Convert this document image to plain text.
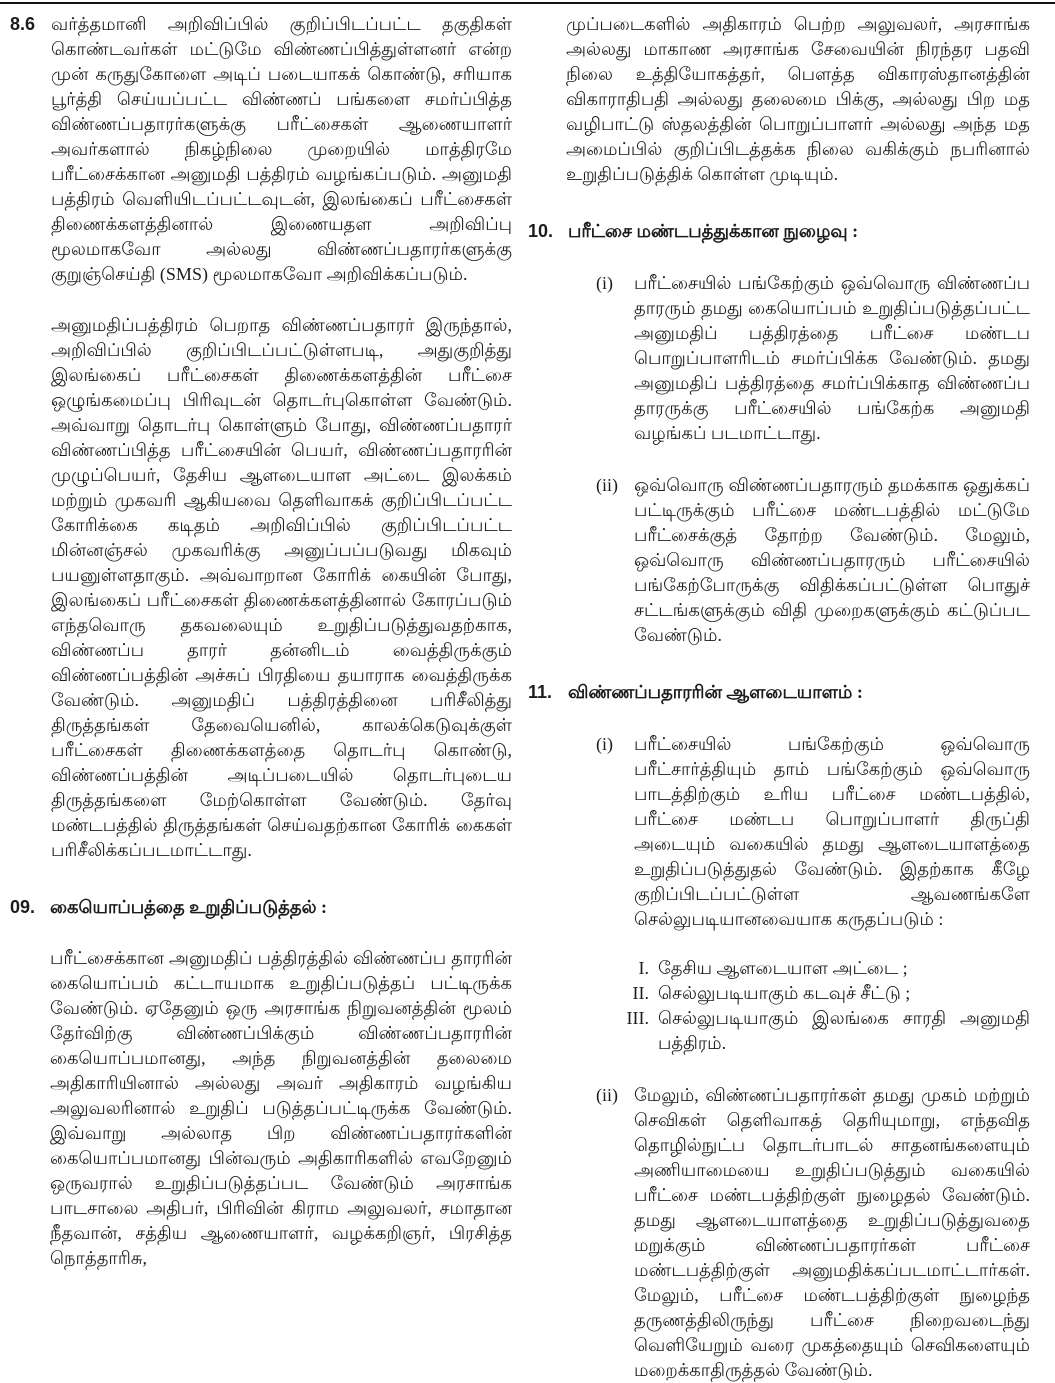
8.6 வர்த்தமானி அறிவிப்பில் குறிப்பிடப்பட்ட தகுதிகள் கொண்டவர்கள் மட்டுமே விண்ணப்பித்துள்ளனர் என்ற முன் கருதுகோளை அடிப் படையாகக் கொண்டு, சரியாக பூர்த்தி செய்யப்பட்ட விண்ணப் பங்களை சமர்ப்பித்த விண்ணப்பதாரர்களுக்கு பரீட்சைகள் ஆணையாளர் அவர்களால் நிகழ்நிலை முறையில் மாத்திரமே பரீட்சைக்கான அனுமதி பத்திரம் வழங்கப்படும். அனுமதி பத்திரம் வெளியிடப்பட்டவுடன், இலங்கைப் பரீட்சைகள் திணைக்களத்தினால் இணையதள அறிவிப்பு மூலமாகவோ அல்லது விண்ணப்பதாரர்களுக்கு குறுஞ்செய்தி (SMS) மூலமாகவோ அறிவிக்கப்படும்.
அனுமதிப்பத்திரம் பெறாத விண்ணப்பதாரர் இருந்தால், அறிவிப்பில் குறிப்பிடப்பட்டுள்ளபடி, அதுகுறித்து இலங்கைப் பரீட்சைகள் திணைக்களத்தின் பரீட்சை ஒழுங்கமைப்பு பிரிவுடன் தொடர்புகொள்ள வேண்டும். அவ்வாறு தொடர்பு கொள்ளும் போது, விண்ணப்பதாரர் விண்ணப்பித்த பரீட்சையின் பெயர், விண்ணப்பதாரரின் முழுப்பெயர், தேசிய ஆளடையாள அட்டை இலக்கம் மற்றும் முகவரி ஆகியவை தெளிவாகக் குறிப்பிடப்பட்ட கோரிக்கை கடிதம் அறிவிப்பில் குறிப்பிடப்பட்ட மின்னஞ்சல் முகவரிக்கு அனுப்பப்படுவது மிகவும் பயனுள்ளதாகும். அவ்வாறான கோரிக் கையின் போது, இலங்கைப் பரீட்சைகள் திணைக்களத்தினால் கோரப்படும் எந்தவொரு தகவலையும் உறுதிப்படுத்துவதற்காக, விண்ணப்ப தாரர் தன்னிடம் வைத்திருக்கும் விண்ணப்பத்தின் அச்சுப் பிரதியை தயாராக வைத்திருக்க வேண்டும். அனுமதிப் பத்திரத்தினை பரிசீலித்து திருத்தங்கள் தேவையெனில், காலக்கெடுவுக்குள் பரீட்சைகள் திணைக்களத்தை தொடர்பு கொண்டு, விண்ணப்பத்தின் அடிப்படையில் தொடர்புடைய திருத்தங்களை மேற்கொள்ள வேண்டும். தேர்வு மண்டபத்தில் திருத்தங்கள் செய்வதற்கான கோரிக் கைகள் பரிசீலிக்கப்படமாட்டாது.
09. கையொப்பத்தை உறுதிப்படுத்தல் :
பரீட்சைக்கான அனுமதிப் பத்திரத்தில் விண்ணப்ப தாரரின் கையொப்பம் கட்டாயமாக உறுதிப்படுத்தப் பட்டிருக்க வேண்டும். ஏதேனும் ஒரு அரசாங்க நிறுவனத்தின் மூலம் தேர்விற்கு விண்ணப்பிக்கும் விண்ணப்பதாரரின் கையொப்பமானது, அந்த நிறுவனத்தின் தலைமை அதிகாரியினால் அல்லது அவர் அதிகாரம் வழங்கிய அலுவலரினால் உறுதிப் படுத்தப்பட்டிருக்க வேண்டும். இவ்வாறு அல்லாத பிற விண்ணப்பதாரர்களின் கையொப்பமானது பின்வரும் அதிகாரிகளில் எவறேனும் ஒருவரால் உறுதிப்படுத்தப்பட வேண்டும் அரசாங்க பாடசாலை அதிபர், பிரிவின் கிராம அலுவலர், சமாதான நீதவான், சத்திய ஆணையாளர், வழக்கறிஞர், பிரசித்த நொத்தாரிசு,
முப்படைகளில் அதிகாரம் பெற்ற அலுவலர், அரசாங்க அல்லது மாகாண அரசாங்க சேவையின் நிரந்தர பதவி நிலை உத்தியோகத்தர், பௌத்த விகாரஸ்தானத்தின் விகாராதிபதி அல்லது தலைமை பிக்கு, அல்லது பிற மத வழிபாட்டு ஸ்தலத்தின் பொறுப்பாளர் அல்லது அந்த மத அமைப்பில் குறிப்பிடத்தக்க நிலை வகிக்கும் நபரினால் உறுதிப்படுத்திக் கொள்ள முடியும்.
10. பரீட்சை மண்டபத்துக்கான நுழைவு :
(i)	பரீட்சையில் பங்கேற்கும் ஒவ்வொரு விண்ணப்ப தாரரும் தமது கையொப்பம் உறுதிப்படுத்தப்பட்ட அனுமதிப் பத்திரத்தை பரீட்சை மண்டப பொறுப்பாளரிடம் சமர்ப்பிக்க வேண்டும். தமது அனுமதிப் பத்திரத்தை சமர்ப்பிக்காத விண்ணப்ப தாரருக்கு பரீட்சையில் பங்கேற்க அனுமதி வழங்கப் படமாட்டாது.
(ii) ஒவ்வொரு விண்ணப்பதாரரும் தமக்காக ஒதுக்கப் பட்டிருக்கும் பரீட்சை மண்டபத்தில் மட்டுமே பரீட்சைக்குத் தோற்ற வேண்டும். மேலும், ஒவ்வொரு விண்ணப்பதாரரும் பரீட்சையில் பங்கேற்போருக்கு விதிக்கப்பட்டுள்ள பொதுச் சட்டங்களுக்கும் விதி முறைகளுக்கும் கட்டுப்பட வேண்டும்.
11. விண்ணப்பதாரரின் ஆளடையாளம் :
(i)	பரீட்சையில் பங்கேற்கும் ஒவ்வொரு பரீட்சார்த்தியும் தாம் பங்கேற்கும் ஒவ்வொரு பாடத்திற்கும் உரிய பரீட்சை மண்டபத்தில், பரீட்சை மண்டப பொறுப்பாளர் திருப்தி அடையும் வகையில் தமது ஆளடையாளத்தை உறுதிப்படுத்துதல் வேண்டும். இதற்காக கீழே குறிப்பிடப்பட்டுள்ள ஆவணங்களே செல்லுபடியானவையாக கருதப்படும் :
I. தேசிய ஆளடையாள அட்டை ;
II. செல்லுபடியாகும் கடவுச் சீட்டு ;
III. செல்லுபடியாகும் இலங்கை சாரதி அனுமதி பத்திரம்.
(ii) மேலும், விண்ணப்பதாரர்கள் தமது முகம் மற்றும் செவிகள் தெளிவாகத் தெரியுமாறு, எந்தவித தொழில்நுட்ப தொடர்பாடல் சாதனங்களையும் அணியாமையை உறுதிப்படுத்தும் வகையில் பரீட்சை மண்டபத்திற்குள் நுழைதல் வேண்டும். தமது ஆளடையாளத்தை உறுதிப்படுத்துவதை மறுக்கும் விண்ணப்பதாரர்கள் பரீட்சை மண்டபத்திற்குள் அனுமதிக்கப்படமாட்டார்கள். மேலும், பரீட்சை மண்டபத்திற்குள் நுழைந்த தருணத்திலிருந்து பரீட்சை நிறைவடைந்து வெளியேறும் வரை முகத்தையும் செவிகளையும் மறைக்காதிருத்தல் வேண்டும்.
